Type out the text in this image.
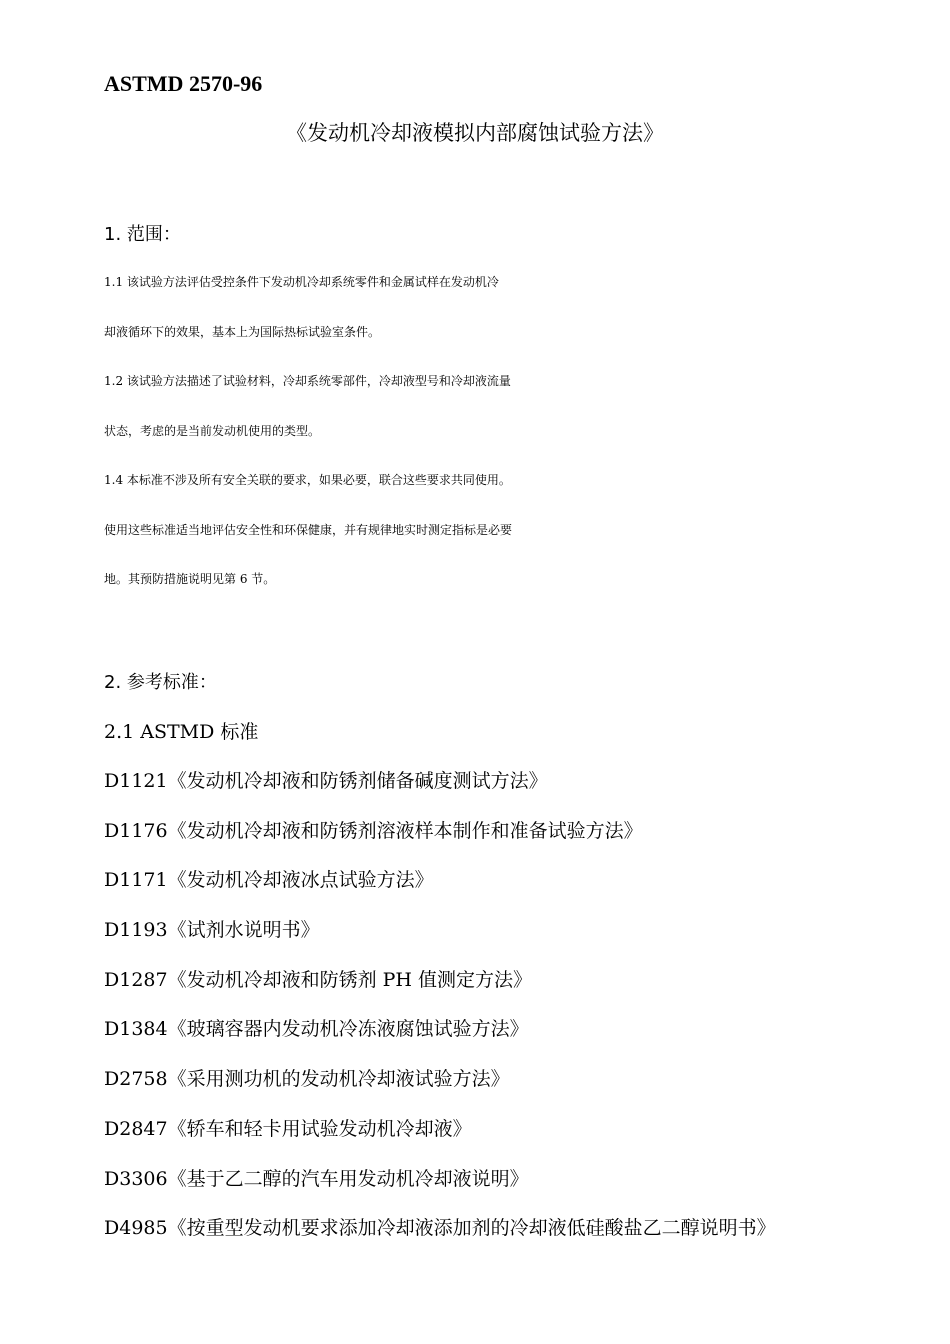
ASTMD 2570-96
《发动机冷却液模拟内部腐蚀试验方法》
1. 范围：
1.1 该试验方法评估受控条件下发动机冷却系统零件和金属试样在发动机冷
却液循环下的效果，基本上为国际热标试验室条件。
1.2 该试验方法描述了试验材料，冷却系统零部件，冷却液型号和冷却液流量
状态，考虑的是当前发动机使用的类型。
1.4 本标准不涉及所有安全关联的要求，如果必要，联合这些要求共同使用。
使用这些标准适当地评估安全性和环保健康，并有规律地实时测定指标是必要
地。其预防措施说明见第 6 节。
2. 参考标准：
2.1 ASTMD 标准
D1121《发动机冷却液和防锈剂储备碱度测试方法》
D1176《发动机冷却液和防锈剂溶液样本制作和准备试验方法》
D1171《发动机冷却液冰点试验方法》
D1193《试剂水说明书》
D1287《发动机冷却液和防锈剂 PH 值测定方法》
D1384《玻璃容器内发动机冷冻液腐蚀试验方法》
D2758《采用测功机的发动机冷却液试验方法》
D2847《轿车和轻卡用试验发动机冷却液》
D3306《基于乙二醇的汽车用发动机冷却液说明》
D4985《按重型发动机要求添加冷却液添加剂的冷却液低硅酸盐乙二醇说明书》
